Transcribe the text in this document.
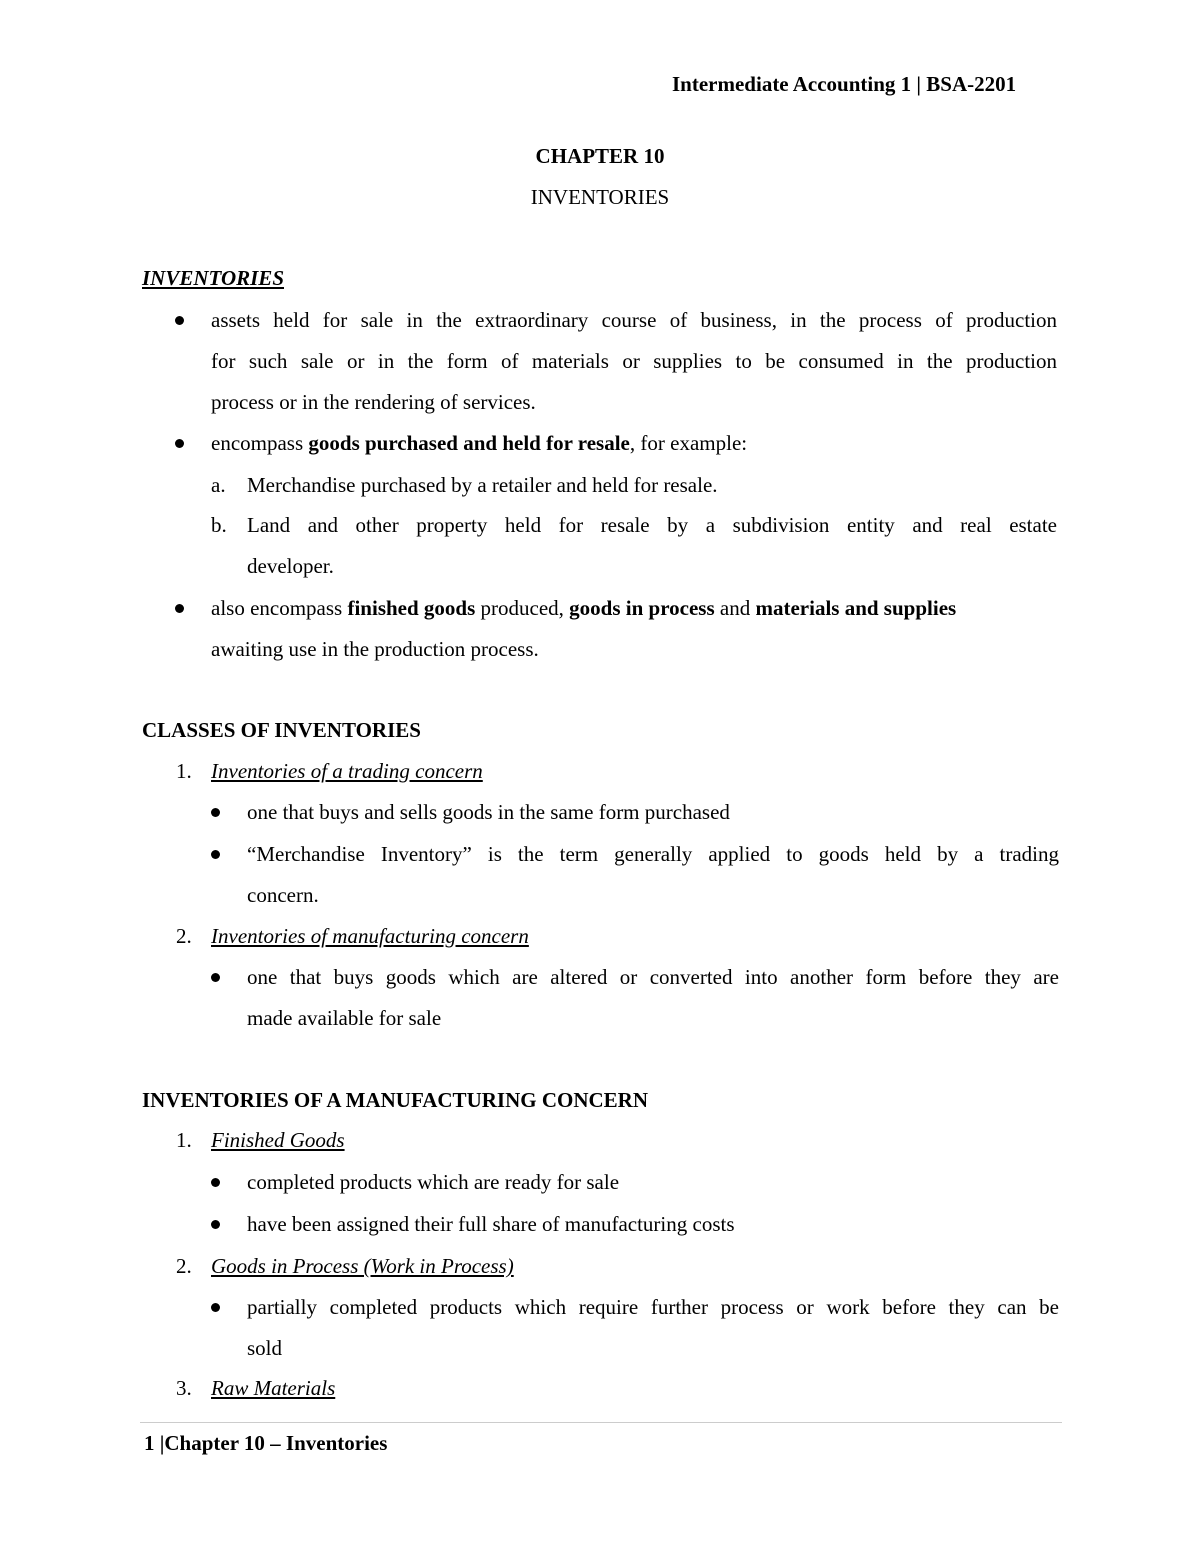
Intermediate Accounting 1 | BSA-2201
CHAPTER 10
INVENTORIES
INVENTORIES
assets held for sale in the extraordinary course of business, in the process of production
for such sale or in the form of materials or supplies to be consumed in the production
process or in the rendering of services.
encompass goods purchased and held for resale, for example:
a. Merchandise purchased by a retailer and held for resale.
b. Land and other property held for resale by a subdivision entity and real estate
developer.
also encompass finished goods produced, goods in process and materials and supplies
awaiting use in the production process.
CLASSES OF INVENTORIES
1. Inventories of a trading concern
one that buys and sells goods in the same form purchased
“Merchandise Inventory” is the term generally applied to goods held by a trading
concern.
2. Inventories of manufacturing concern
one that buys goods which are altered or converted into another form before they are
made available for sale
INVENTORIES OF A MANUFACTURING CONCERN
1. Finished Goods
completed products which are ready for sale
have been assigned their full share of manufacturing costs
2. Goods in Process (Work in Process)
partially completed products which require further process or work before they can be
sold
3. Raw Materials
1 |Chapter 10 – Inventories
